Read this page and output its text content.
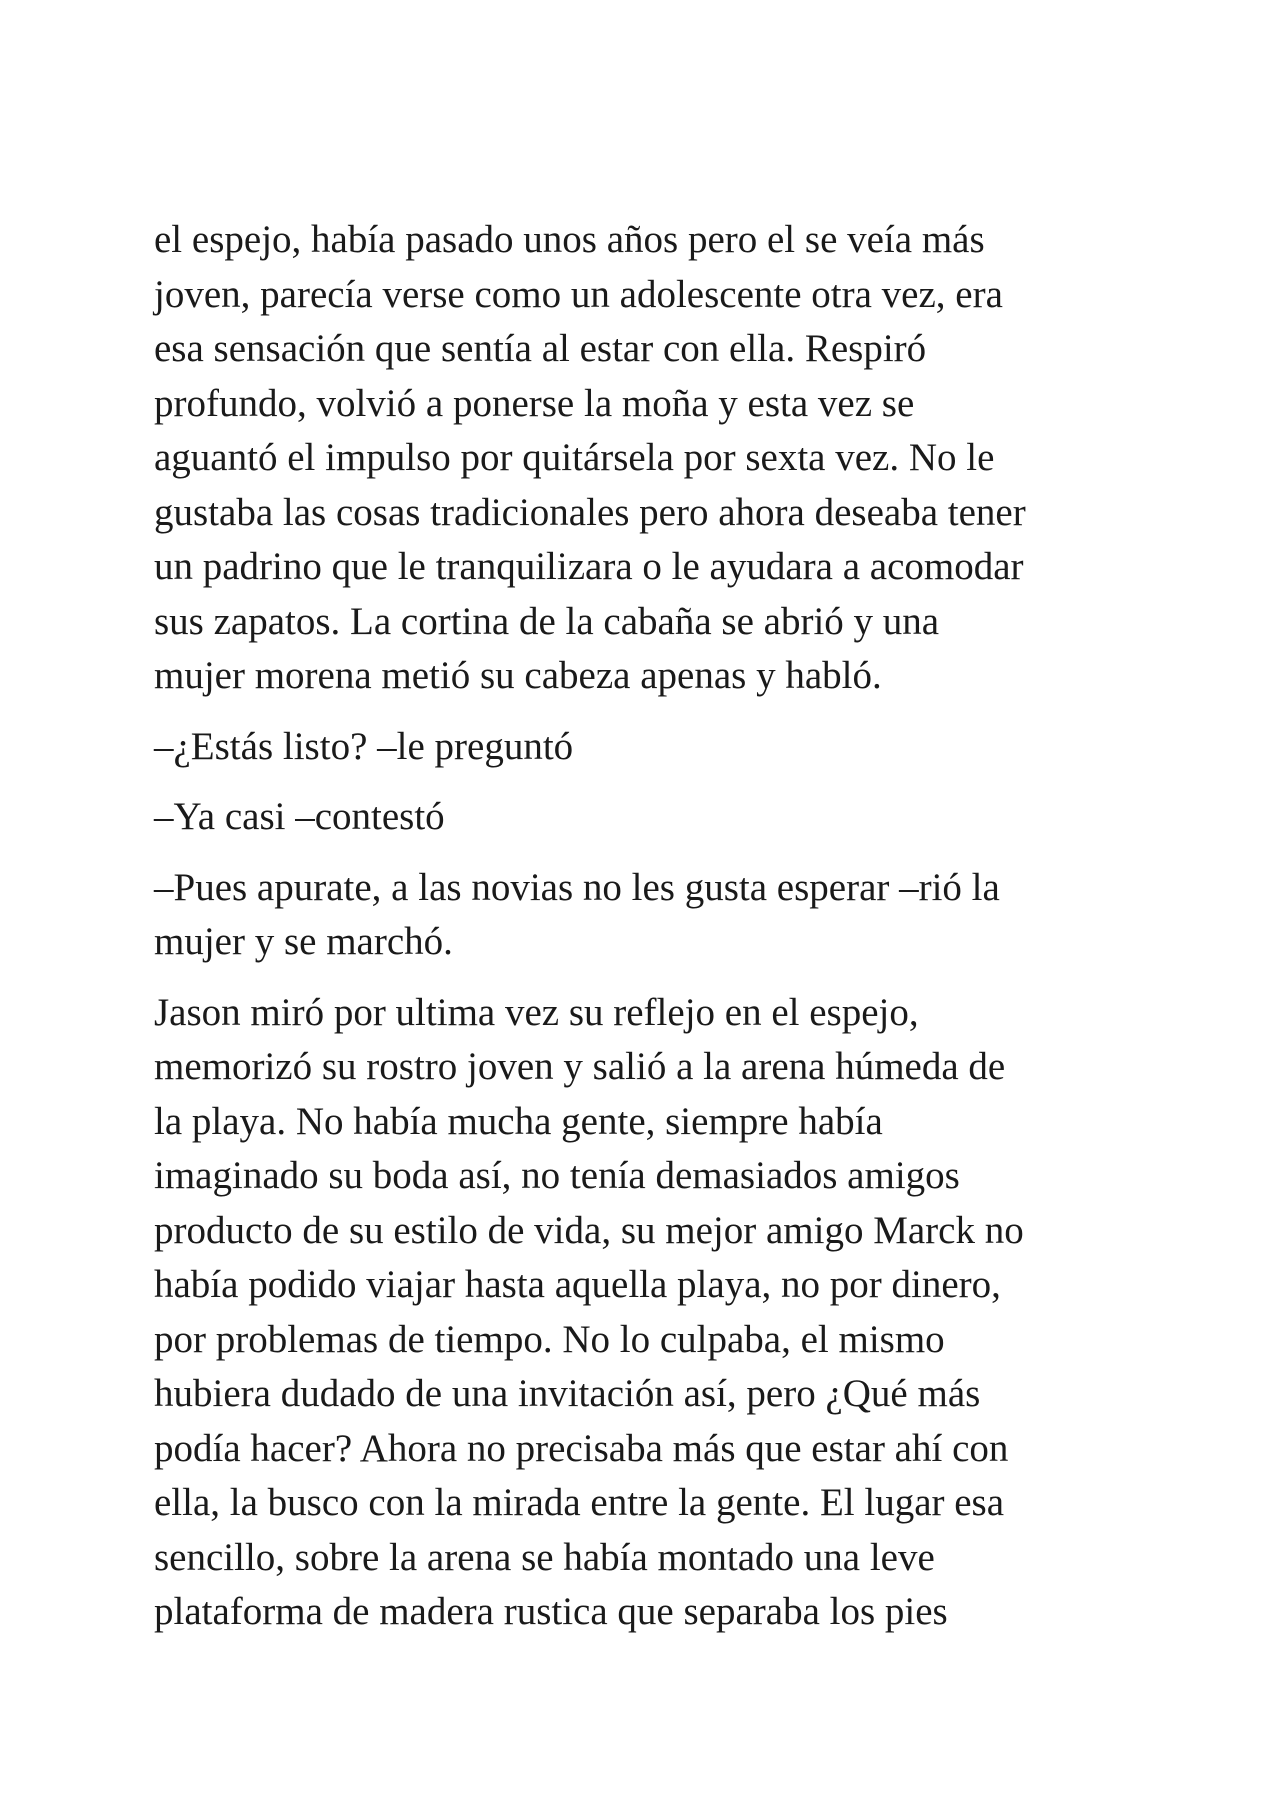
el espejo, había pasado unos años pero el se veía más
joven, parecía verse como un adolescente otra vez, era
esa sensación que sentía al estar con ella. Respiró
profundo, volvió a ponerse la moña y esta vez se
aguantó el impulso por quitársela por sexta vez. No le
gustaba las cosas tradicionales pero ahora deseaba tener
un padrino que le tranquilizara o le ayudara a acomodar
sus zapatos. La cortina de la cabaña se abrió y una
mujer morena metió su cabeza apenas y habló.

–¿Estás listo? –le preguntó

–Ya casi –contestó

–Pues apurate, a las novias no les gusta esperar –rió la
mujer y se marchó.

Jason miró por ultima vez su reflejo en el espejo,
memorizó su rostro joven y salió a la arena húmeda de
la playa. No había mucha gente, siempre había
imaginado su boda así, no tenía demasiados amigos
producto de su estilo de vida, su mejor amigo Marck no
había podido viajar hasta aquella playa, no por dinero,
por problemas de tiempo. No lo culpaba, el mismo
hubiera dudado de una invitación así, pero ¿Qué más
podía hacer? Ahora no precisaba más que estar ahí con
ella, la busco con la mirada entre la gente. El lugar esa
sencillo, sobre la arena se había montado una leve
plataforma de madera rustica que separaba los pies
